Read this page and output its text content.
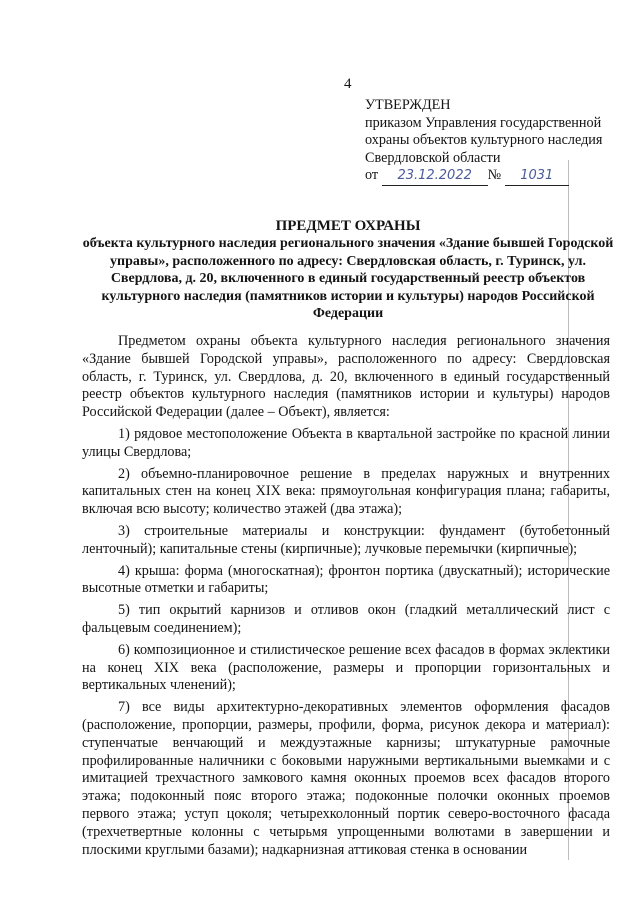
4
УТВЕРЖДЕН
приказом Управления государственной
охраны объектов культурного наследия
Свердловской области
от 23.12.2022 № 1031
ПРЕДМЕТ ОХРАНЫ
объекта культурного наследия регионального значения «Здание бывшей Городской управы», расположенного по адресу: Свердловская область, г. Туринск, ул. Свердлова, д. 20, включенного в единый государственный реестр объектов культурного наследия (памятников истории и культуры) народов Российской Федерации

Предметом охраны объекта культурного наследия регионального значения «Здание бывшей Городской управы», расположенного по адресу: Свердловская область, г. Туринск, ул. Свердлова, д. 20, включенного в единый государственный реестр объектов культурного наследия (памятников истории и культуры) народов Российской Федерации (далее – Объект), является:

1) рядовое местоположение Объекта в квартальной застройке по красной линии улицы Свердлова;

2) объемно-планировочное решение в пределах наружных и внутренних капитальных стен на конец XIX века: прямоугольная конфигурация плана; габариты, включая всю высоту; количество этажей (два этажа);

3) строительные материалы и конструкции: фундамент (бутобетонный ленточный); капитальные стены (кирпичные); лучковые перемычки (кирпичные);

4) крыша: форма (многоскатная); фронтон портика (двускатный); исторические высотные отметки и габариты;

5) тип окрытий карнизов и отливов окон (гладкий металлический лист с фальцевым соединением);

6) композиционное и стилистическое решение всех фасадов в формах эклектики на конец XIX века (расположение, размеры и пропорции горизонтальных и вертикальных членений);

7) все виды архитектурно-декоративных элементов оформления фасадов (расположение, пропорции, размеры, профили, форма, рисунок декора и материал): ступенчатые венчающий и междуэтажные карнизы; штукатурные рамочные профилированные наличники с боковыми наружными вертикальными выемками и с имитацией трехчастного замкового камня оконных проемов всех фасадов второго этажа; подоконный пояс второго этажа; подоконные полочки оконных проемов первого этажа; уступ цоколя; четырехколонный портик северо-восточного фасада (трехчетвертные колонны с четырьмя упрощенными волютами в завершении и плоскими круглыми базами); надкарнизная аттиковая стенка в основании
